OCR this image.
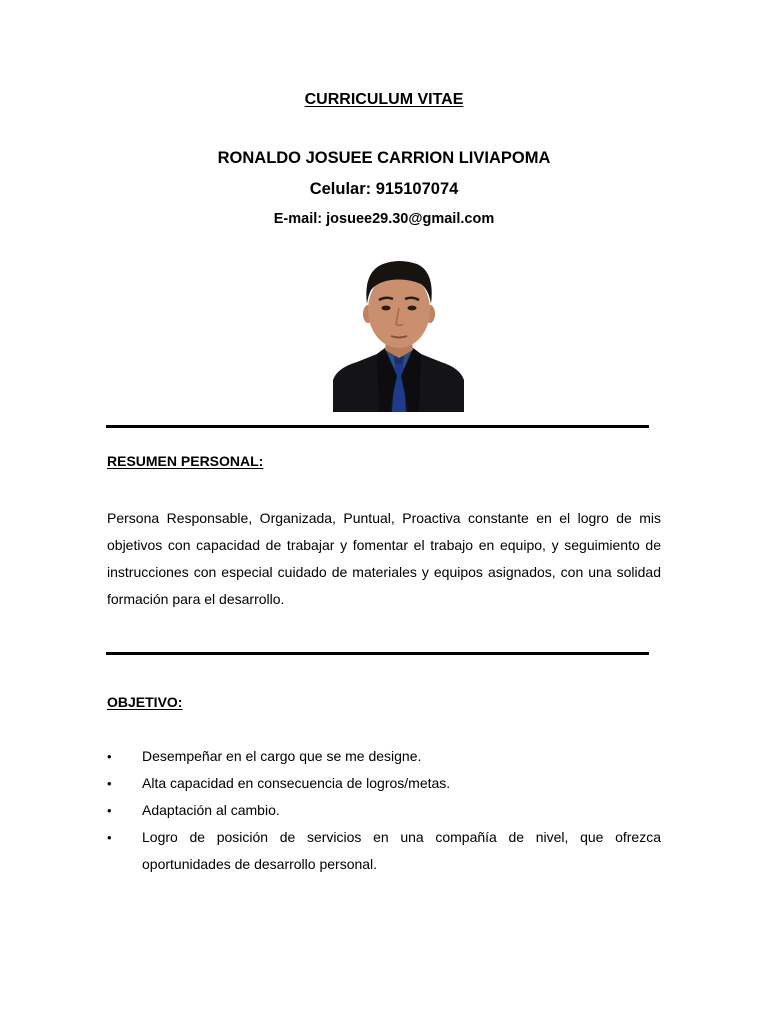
CURRICULUM VITAE
RONALDO JOSUEE CARRION LIVIAPOMA
Celular: 915107074
E-mail: josuee29.30@gmail.com
RESUMEN PERSONAL:
Persona Responsable, Organizada, Puntual, Proactiva constante en el logro de mis objetivos con capacidad de trabajar y fomentar el trabajo en equipo, y seguimiento de instrucciones con especial cuidado de materiales y equipos asignados, con una solidad formación para el desarrollo.
OBJETIVO:
• Desempeñar en el cargo que se me designe.
• Alta capacidad en consecuencia de logros/metas.
• Adaptación al cambio.
• Logro de posición de servicios en una compañía de nivel, que ofrezca oportunidades de desarrollo personal.
